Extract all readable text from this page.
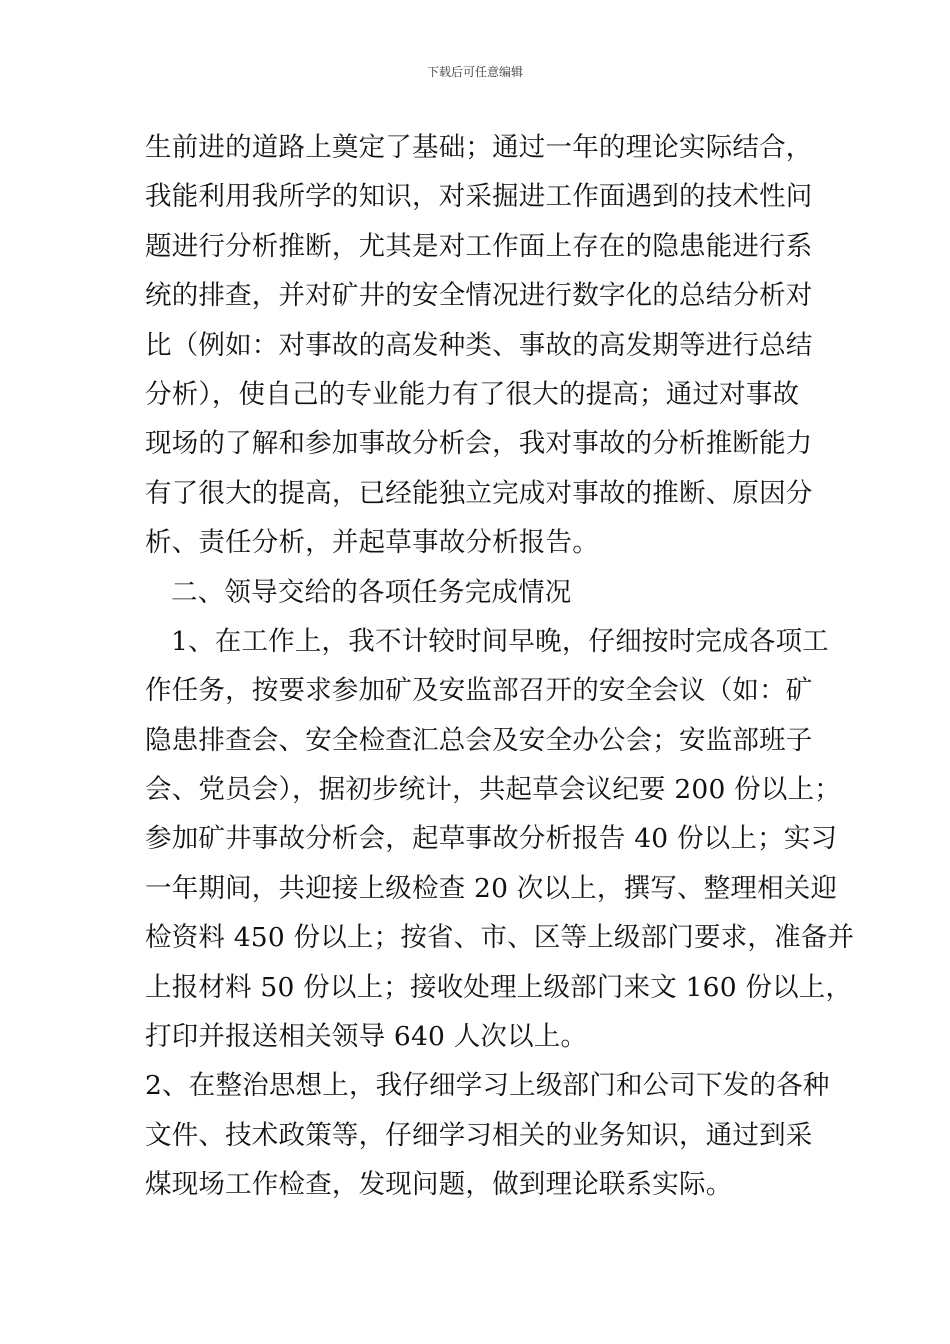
下载后可任意编辑
生前进的道路上奠定了基础；通过一年的理论实际结合，
我能利用我所学的知识，对采掘进工作面遇到的技术性问
题进行分析推断，尤其是对工作面上存在的隐患能进行系
统的排查，并对矿井的安全情况进行数字化的总结分析对
比（例如：对事故的高发种类、事故的高发期等进行总结
分析），使自己的专业能力有了很大的提高；通过对事故
现场的了解和参加事故分析会，我对事故的分析推断能力
有了很大的提高，已经能独立完成对事故的推断、原因分
析、责任分析，并起草事故分析报告。
二、领导交给的各项任务完成情况
1、在工作上，我不计较时间早晚，仔细按时完成各项工
作任务，按要求参加矿及安监部召开的安全会议（如：矿
隐患排查会、安全检查汇总会及安全办公会；安监部班子
会、党员会），据初步统计，共起草会议纪要 200 份以上；
参加矿井事故分析会，起草事故分析报告 40 份以上；实习
一年期间，共迎接上级检查 20 次以上，撰写、整理相关迎
检资料 450 份以上；按省、市、区等上级部门要求，准备并
上报材料 50 份以上；接收处理上级部门来文 160 份以上，
打印并报送相关领导 640 人次以上。
2、在整治思想上，我仔细学习上级部门和公司下发的各种
文件、技术政策等，仔细学习相关的业务知识，通过到采
煤现场工作检查，发现问题，做到理论联系实际。
